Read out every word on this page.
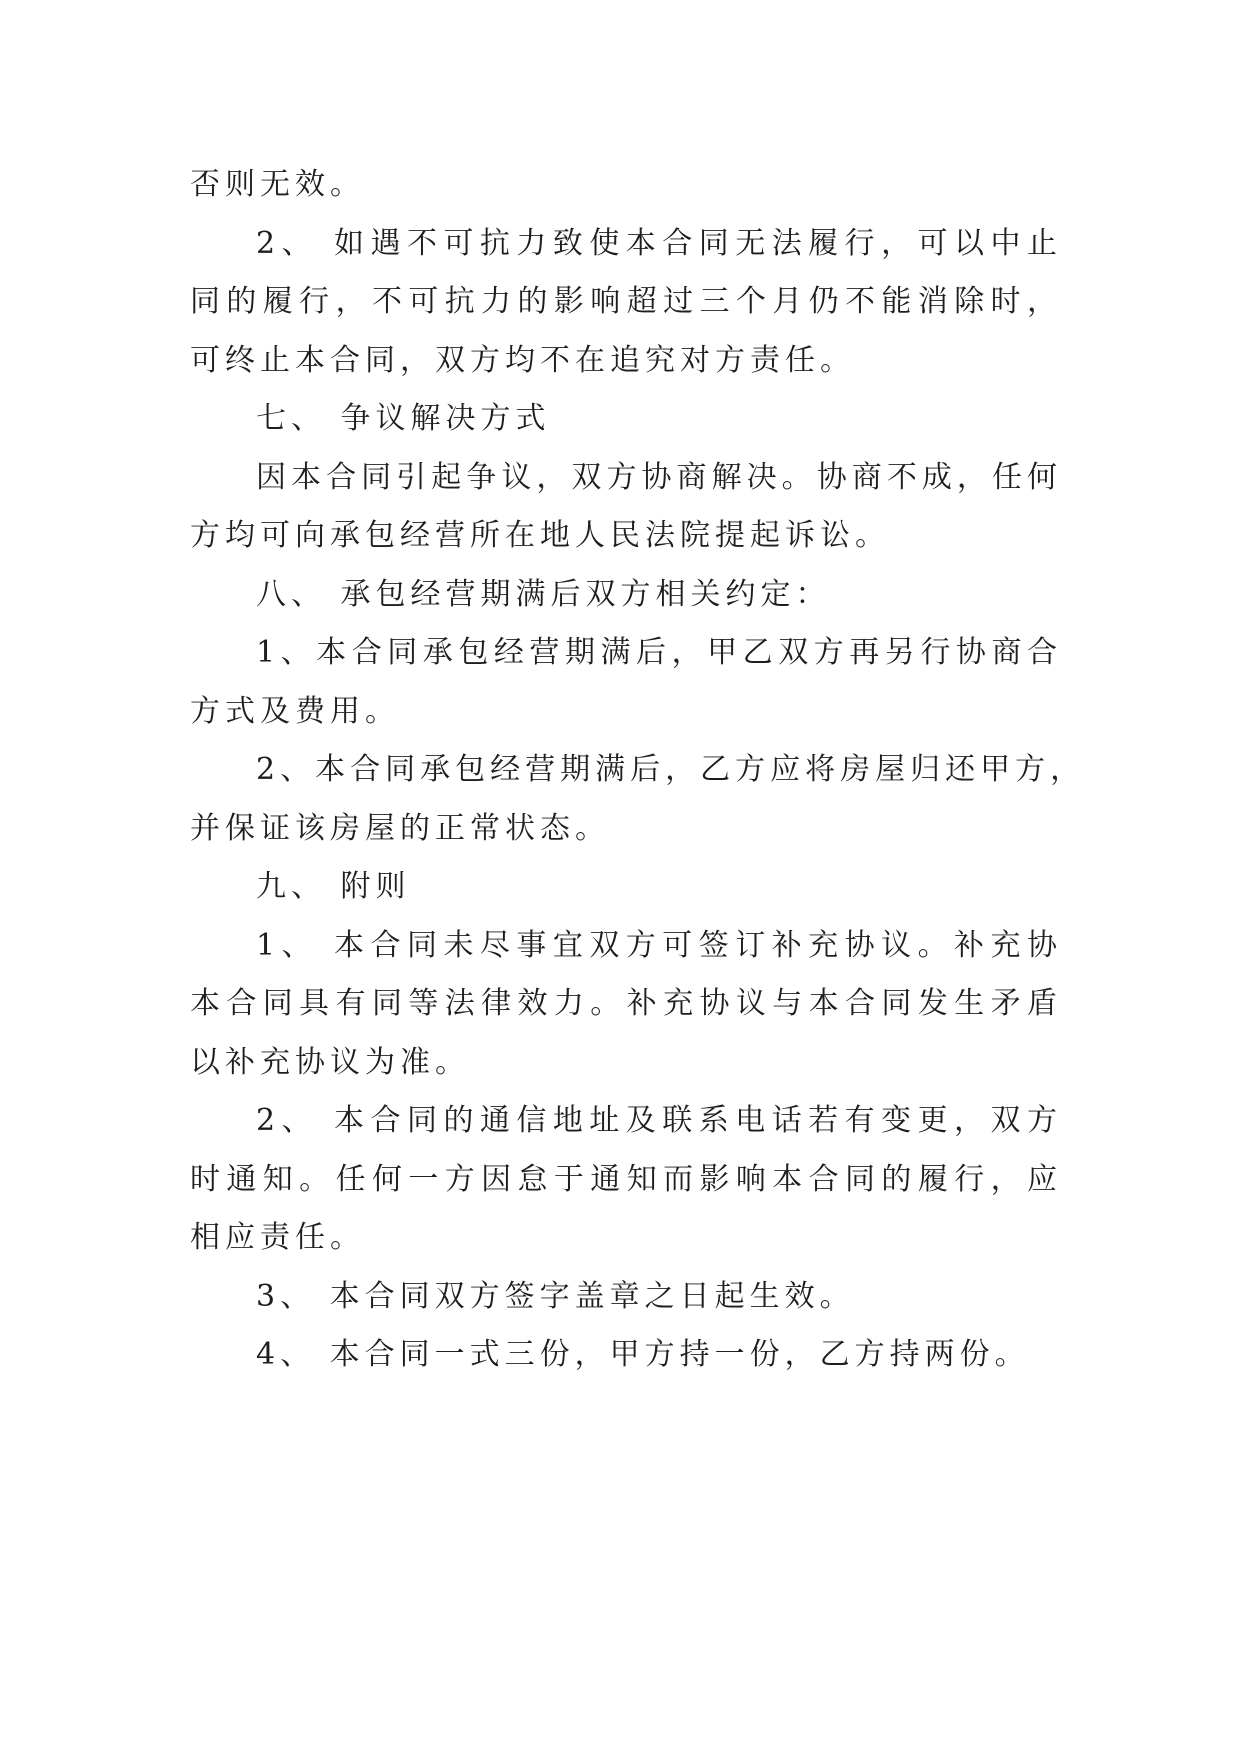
否则无效。
2、 如遇不可抗力致使本合同无法履行，可以中止
同的履行，不可抗力的影响超过三个月仍不能消除时，
可终止本合同，双方均不在追究对方责任。
七、 争议解决方式
因本合同引起争议，双方协商解决。协商不成，任何
方均可向承包经营所在地人民法院提起诉讼。
八、 承包经营期满后双方相关约定：
1、本合同承包经营期满后，甲乙双方再另行协商合
方式及费用。
2、本合同承包经营期满后，乙方应将房屋归还甲方，
并保证该房屋的正常状态。
九、 附则
1、 本合同未尽事宜双方可签订补充协议。补充协
本合同具有同等法律效力。补充协议与本合同发生矛盾
以补充协议为准。
2、 本合同的通信地址及联系电话若有变更，双方
时通知。任何一方因怠于通知而影响本合同的履行，应
相应责任。
3、 本合同双方签字盖章之日起生效。
4、 本合同一式三份，甲方持一份，乙方持两份。
